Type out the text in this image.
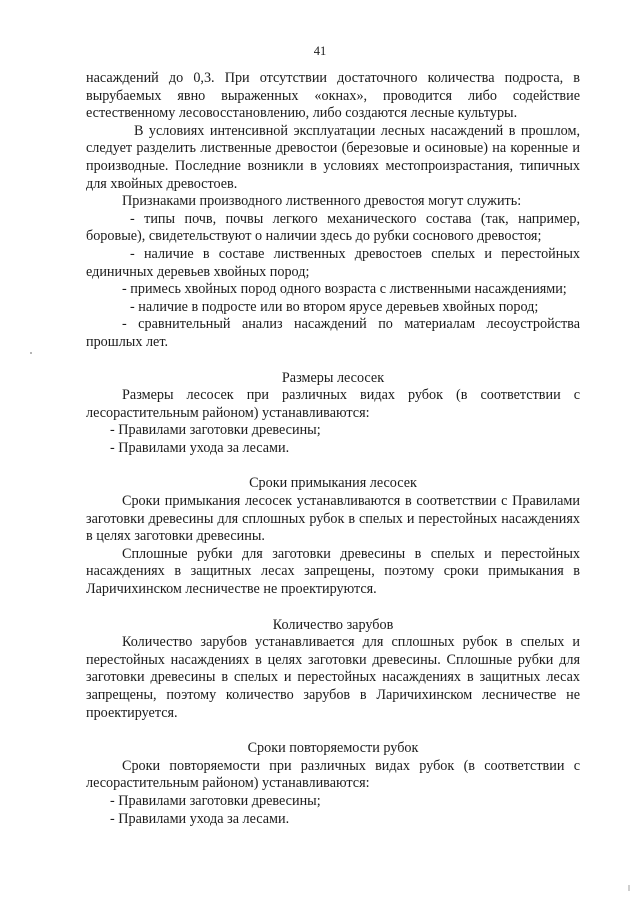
41

насаждений до 0,3. При отсутствии достаточного количества подроста, в вырубаемых явно выраженных «окнах», проводится либо содействие естественному лесовосстановлению, либо создаются лесные культуры.

В условиях интенсивной эксплуатации лесных насаждений в прошлом, следует разделить лиственные древостои (березовые и осиновые) на коренные и производные. Последние возникли в условиях местопроизрастания, типичных для хвойных древостоев.

Признаками производного лиственного древостоя могут служить:

- типы почв, почвы легкого механического состава (так, например, боровые), свидетельствуют о наличии здесь до рубки соснового древостоя;

- наличие в составе лиственных древостоев спелых и перестойных единичных деревьев хвойных пород;

- примесь хвойных пород одного возраста с лиственными насаждениями;

- наличие в подросте или во втором ярусе деревьев хвойных пород;

- сравнительный анализ насаждений по материалам лесоустройства прошлых лет.

Размеры лесосек

Размеры лесосек при различных видах рубок (в соответствии с лесорастительным районом) устанавливаются:

- Правилами заготовки древесины;

- Правилами ухода за лесами.

Сроки примыкания лесосек

Сроки примыкания лесосек устанавливаются в соответствии с Правилами заготовки древесины для сплошных рубок в спелых и перестойных насаждениях в целях заготовки древесины.

Сплошные рубки для заготовки древесины в спелых и перестойных насаждениях в защитных лесах запрещены, поэтому сроки примыкания в Ларичихинском лесничестве не проектируются.

Количество зарубов

Количество зарубов устанавливается для сплошных рубок в спелых и перестойных насаждениях в целях заготовки древесины. Сплошные рубки для заготовки древесины в спелых и перестойных насаждениях в защитных лесах запрещены, поэтому количество зарубов в Ларичихинском лесничестве не проектируется.

Сроки повторяемости рубок

Сроки повторяемости при различных видах рубок (в соответствии с лесорастительным районом) устанавливаются:

- Правилами заготовки древесины;

- Правилами ухода за лесами.
